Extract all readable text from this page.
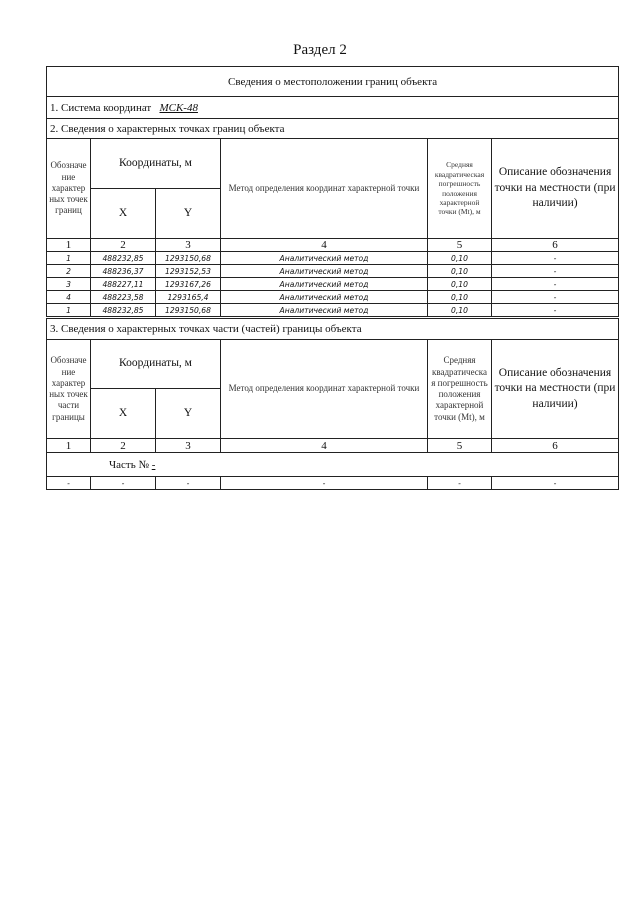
Раздел 2
Сведения о местоположении границ объекта					
1. Система координат МСК-48					
2. Сведения о характерных точках границ объекта					
Обозначе ние характер ных точек границ	Координаты, м		Метод определения координат характерной точки	Средняя квадратическая погрешность положения характерной точки (Mt), м	Описание обозначения точки на местности (при наличии)
	X	Y			
1	2	3	4	5	6
1	488232,85	1293150,68	Аналитический метод	0,10	-
2	488236,37	1293152,53	Аналитический метод	0,10	-
3	488227,11	1293167,26	Аналитический метод	0,10	-
4	488223,58	1293165,4	Аналитический метод	0,10	-
1	488232,85	1293150,68	Аналитический метод	0,10	-
3. Сведения о характерных точках части (частей) границы объекта					
Обозначе ние характер ных точек части границы	Координаты, м		Метод определения координат характерной точки	Средняя квадратическа я погрешность положения характерной точки (Mt), м	Описание обозначения точки на местности (при наличии)
	X	Y			
1	2	3	4	5	6
Часть № -					
-	-	-	-	-	-
